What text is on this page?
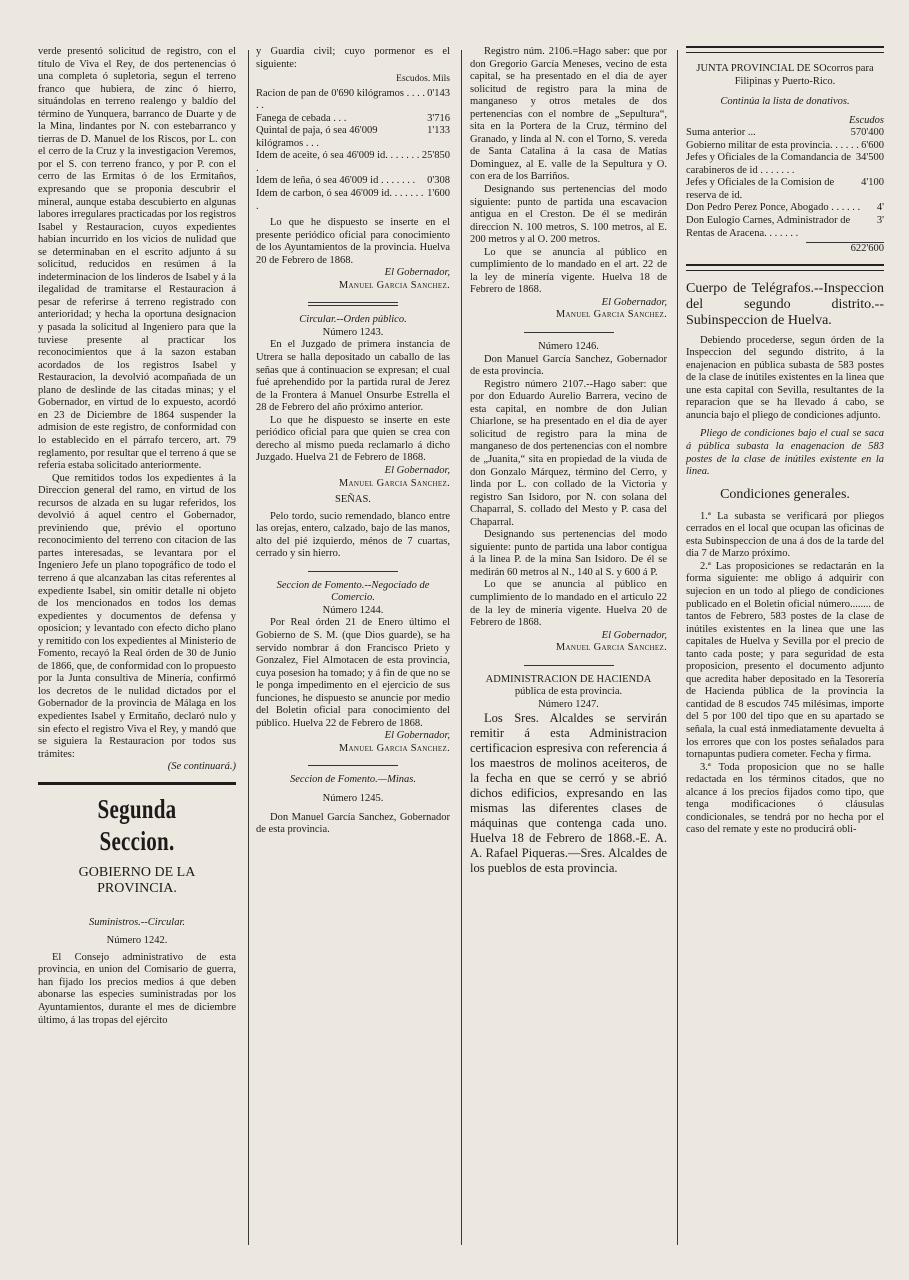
verde presentó solicitud de registro, con el título de Viva el Rey, de dos pertenencias ó una completa ó supletoria, segun el terreno franco que hubiera, de zinc ó hierro, situándolas en terreno realengo y baldío del término de Yunquera, barranco de Duarte y de la Mina, lindantes por N. con estebarranco y tierras de D. Manuel de los Riscos, por L. con el cerro de la Cruz y la investigacion Veremos, por el S. con terreno franco, y por P. con el cerro de las Ermitas ó de los Ermitaños, expresando que se proponia descubrir el mineral, aunque estaba descubierto en algunas labores irregulares practicadas por los registros Isabel y Restauracion, cuyos expedientes habian incurrido en los vicios de nulidad que se determinaban en el escrito adjunto á su solicitud, reducidos en resúmen á la indeterminacion de los linderos de Isabel y á la ilegalidad de tramitarse el Restauracion á pesar de referirse á terreno registrado con anterioridad; y hecha la oportuna designacion y pasada la solicitud al Ingeniero para que la tuviese presente al practicar los reconocimientos que á la sazon estaban acordados de los registros Isabel y Restauracion, la devolvió acompañada de un plano de deslinde de las citadas minas; y el Gobernador, en virtud de lo expuesto, acordó en 23 de Diciembre de 1864 suspender la admision de este registro, de conformidad con lo establecido en el párrafo tercero, art. 79 reglamento, por resultar que el terreno á que se referia estaba solicitado anteriormente.

Que remitidos todos los expedientes á la Direccion general del ramo, en virtud de los recursos de alzada en su lugar referidos, los devolvió á aquel centro el Gobernador, previniendo que, prévio el oportuno reconocimiento del terreno con citacion de las partes interesadas, se levantara por el Ingeniero Jefe un plano topográfico de todo el terreno á que alcanzaban las citas referentes al expediente Isabel, sin omitir detalle ni objeto de los mencionados en todos los demas expedientes y documentos de defensa y oposicion; y levantado con efecto dicho plano y remitido con los expedientes al Ministerio de Fomento, recayó la Real órden de 30 de Junio de 1866, que, de conformidad con lo propuesto por la Junta consultiva de Minería, confirmó los decretos de le nulidad dictados por el Gobernador de la provincia de Málaga en los expedientes Isabel y Ermitaño, declaró nulo y sin efecto el registro Viva el Rey, y mandó que se siguiera la Restauracion por todos sus trámites:

(Se continuará.)

Segunda Seccion.

GOBIERNO DE LA PROVINCIA.

Suministros.--Circular.

Número 1242.

El Consejo administrativo de esta provincia, en union del Comisario de guerra, han fijado los precios medios á que deben abonarse las especies suministradas por los Ayuntamientos, durante el mes de diciembre último, á las tropas del ejército

y Guardia civil; cuyo pormenor es el siguiente:

Escudos. Mils

Racion de pan de 0'690 kilógramos . . . . . .
0'143
Fanega de cebada . . .	3'716
Quintal de paja, ó sea 46'009 kilógramos . . .
1'133
Idem de aceite, ó sea 46'009 id. . . . . . . .
25'850
Idem de leña, ó sea 46'009 id . . . . . . . 0'308
Idem de carbon, ó sea 46'009 id. . . . . . . .
1'600

Lo que he dispuesto se inserte en el presente periódico oficial para conocimiento de los Ayuntamientos de la provincia. Huelva 20 de Febrero de 1868.

El Gobernador,

Manuel Garcia Sanchez.

Circular.--Orden público.

Número 1243.

En el Juzgado de primera instancia de Utrera se halla depositado un caballo de las señas que á continuacion se expresan; el cual fué aprehendido por la partida rural de Jerez de la Frontera á Manuel Onsurbe Estrella el 28 de Febrero del año próximo anterior.

Lo que he dispuesto se inserte en este periódico oficial para que quien se crea con derecho al mismo pueda reclamarlo á dicho Juzgado. Huelva 21 de Febrero de 1868.

El Gobernador,

Manuel Garcia Sanchez.

SEÑAS.

Pelo tordo, sucio remendado, blanco entre las orejas, entero, calzado, bajo de las manos, alto del pié izquierdo, ménos de 7 cuartas, cerrado y sin hierro.

Seccion de Fomento.--Negociado de Comercio.

Número 1244.

Por Real órden 21 de Enero último el Gobierno de S. M. (que Dios guarde), se ha servido nombrar á don Francisco Prieto y Gonzalez, Fiel Almotacen de esta provincia, cuya posesion ha tomado; y á fin de que no se le ponga impedimento en el ejercicio de sus funciones, he dispuesto se anuncie por medio del Boletin oficial para conocimiento del público. Huelva 22 de Febrero de 1868.

El Gobernador,

Manuel Garcia Sanchez.

Seccion de Fomento.—Minas.

Número 1245.

Don Manuel García Sanchez, Gobernador de esta provincia.

Registro núm. 2106.=Hago saber: que por don Gregorio García Meneses, vecino de esta capital, se ha presentado en el dia de ayer solicitud de registro para la mina de manganeso y otros metales de dos pertenencias con el nombre de „Sepultura“, sita en la Portera de la Cruz, término del Granado, y linda al N. con el Torno, S. vereda de Santa Catalina á la casa de Matías Dominguez, al E. valle de la Sepultura y O. con era de los Barriños.

Designando sus pertenencias del modo siguiente: punto de partida una escavacion antigua en el Creston. De él se medirán direccion N. 100 metros, S. 100 metros, al E. 200 metros y al O. 200 metros.

Lo que se anuncia al público en cumplimiento de lo mandado en el art. 22 de la ley de minería vigente. Huelva 18 de Febrero de 1868.

El Gobernador,

Manuel Garcia Sanchez.

Número 1246.

Don Manuel García Sanchez, Gobernador de esta provincia.

Registro número 2107.--Hago saber: que por don Eduardo Aurelio Barrera, vecino de esta capital, en nombre de don Julian Chiarlone, se ha presentado en el dia de ayer solicitud de registro para la mina de manganeso de dos pertenencias con el nombre de „Juanita,“ sita en propiedad de la viuda de don Gonzalo Márquez, término del Cerro, y linda por L. con collado de la Victoria y registro San Isidoro, por N. con solana del Chaparral, S. collado del Mesto y P. casa del Chaparral.

Designando sus pertenencias del modo siguiente: punto de partida una labor contigua á la linea P. de la mina San Isidoro. De él se medirán 60 metros al N., 140 al S. y 600 á P.

Lo que se anuncia al público en cumplimiento de lo mandado en el articulo 22 de la ley de minería vigente. Huelva 20 de Febrero de 1868.

El Gobernador,

Manuel Garcia Sanchez.

ADMINISTRACION DE HACIENDA

pública de esta provincia.

Número 1247.

Los Sres. Alcaldes se servirán remitir á esta Administracion certificacion espresiva con referencia á los maestros de molinos aceiteros, de la fecha en que se cerró y se abrió dichos edificios, expresando en las mismas las diferentes clases de máquinas que contenga cada uno. Huelva 18 de Febrero de 1868.-E. A. A. Rafael Piqueras.—Sres. Alcaldes de los pueblos de esta provincia.

JUNTA PROVINCIAL DE SOcorros para Filipinas y Puerto-Rico.

Continúa la lista de donativos.

Escudos

Suma anterior ...	570'400
Gobierno militar de esta provincia. . . . . . 6'600
Jefes y Oficiales de la Comandancia de carabineros de id . . . . . . .
34'500
Jefes y Oficiales de la Comision de reserva de id.
4'100
Don Pedro Perez Ponce, Abogado . . . . . . 4'
Don Eulogio Carnes, Administrador de Rentas de Aracena. . . . . . .
3'

622'600

Cuerpo de Telégrafos.--Inspeccion del segundo distrito.--Subinspeccion de Huelva.

Debiendo procederse, segun órden de la Inspeccion del segundo distrito, á la enajenacion en pública subasta de 583 postes de la clase de inútiles existentes en la linea que une esta capital con Sevilla, resultantes de la reparacion que se ha llevado á cabo, se anuncia bajo el pliego de condiciones adjunto.

Pliego de condiciones bajo el cual se saca á pública subasta la enagenacion de 583 postes de la clase de inútiles existente en la linea.

Condiciones generales.

1.ª La subasta se verificará por pliegos cerrados en el local que ocupan las oficinas de esta Subinspeccion de una á dos de la tarde del dia 7 de Marzo próximo.

2.ª Las proposiciones se redactarán en la forma siguiente: me obligo á adquirir con sujecion en un todo al pliego de condiciones publicado en el Boletin oficial número........ de tantos de Febrero, 583 postes de la clase de inútiles existentes en la linea que une las capitales de Huelva y Sevilla por el precio de tanto cada poste; y para seguridad de esta proposicion, presento el documento adjunto que acredita haber depositado en la Tesorería de Hacienda pública de la provincia la cantidad de 8 escudos 745 milésimas, importe del 5 por 100 del tipo que en su apartado se señala, la cual está inmediatamente devuelta á los errores que con los postes señalados para tornapuntas pudiera cometer. Fecha y firma.

3.ª Toda proposicion que no se halle redactada en los términos citados, que no alcance á los precios fijados como tipo, que tenga modificaciones ó cláusulas condicionales, se tendrá por no hecha por el caso del remate y este no producirá obli-
